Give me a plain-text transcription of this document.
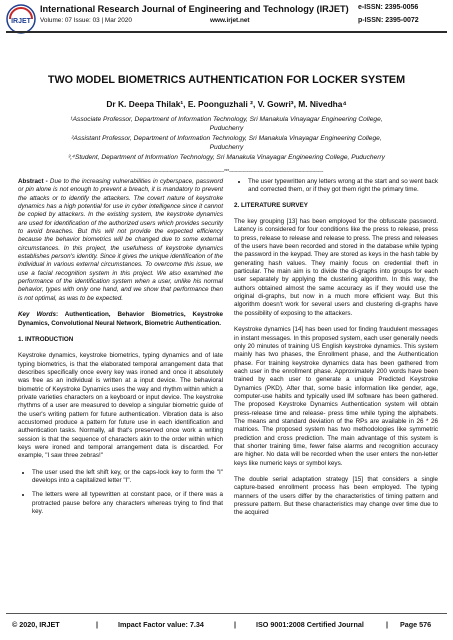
IRJET
International Research Journal of Engineering and Technology (IRJET)
Volume: 07 Issue: 03 | Mar 2020	www.irjet.net
e-ISSN: 2395-0056
p-ISSN: 2395-0072
TWO MODEL BIOMETRICS AUTHENTICATION FOR LOCKER SYSTEM
Dr K. Deepa Thilak¹, E. Poonguzhali ², V. Gowri³, M. Nivedha⁴
¹Associate Professor, Department of Information Technology, Sri Manakula Vinayagar Engineering College,
Puducherry
²Assistant Professor, Department of Information Technology, Sri Manakula Vinayagar Engineering College,
Puducherry
³,⁴Student, Department of Information Technology, Sri Manakula Vinayagar Engineering College, Puducherry
---------------------------------------------------------------------***---------------------------------------------------------------------

Abstract - Due to the increasing vulnerabilities in cyberspace, password or pin alone is not enough to prevent a breach, it is mandatory to prevent the attacks or to identify the attackers. The covert nature of keystroke dynamics has a high potential for use in cyber intelligence since it cannot be copied by attackers. In the existing system, the keystroke dynamics are used for identification of the authorized users which provides security to avoid breaches. But this will not provide the expected efficiency because the behavior biometrics will be changed due to some external circumstances. In this project, the usefulness of keystroke dynamics establishes person's identity. Since it gives the unique identification of the individual in various external circumstances. To overcome this issue, we use a facial recognition system in this project. We also examined the performance of the identification system when a user, unlike his normal behavior, types with only one hand, and we show that performance then is not optimal, as was to be expected.

Key Words: Authentication, Behavior Biometrics, Keystroke Dynamics, Convolutional Neural Network, Biometric Authentication.

1. INTRODUCTION

Keystroke dynamics, keystroke biometrics, typing dynamics and of late typing biometrics, is that the elaborated temporal arrangement data that describes specifically once every key was ironed and once it absolutely was free as an individual is written at a input device. The behavioral biometric of Keystroke Dynamics uses the way and rhythm within which a private varieties characters on a keyboard or input device. The keystroke rhythms of a user are measured to develop a singular biometric guide of the user's writing pattern for future authentication. Vibration data is also accustomed produce a pattern for future use in each identification and authentication tasks. Normally, all that's preserved once work a writing session is that the sequence of characters akin to the order within which keys were ironed and temporal arrangement data is discarded. For example, "I saw three zebras!"

• The user used the left shift key, or the caps-lock key to form the "I" develops into a capitalized letter "I".
• The letters were all typewritten at constant pace, or if there was a protracted pause before any characters whereas trying to find that key.
• The user typewritten any letters wrong at the start and so went back and corrected them, or if they got them right the primary time.
2. LITERATURE SURVEY

The key grouping [13] has been employed for the obfuscate password. Latency is considered for four conditions like the press to release, press to press, release to release and release to press. The press and releases of the users have been recorded and stored in the database while typing the password in the keypad. They are stored as keys in the hash table by generating hash values. They mainly focus on credential theft in particular. The main aim is to divide the di-graphs into groups for each user separately by applying the clustering algorithm. In this way, the authors obtained almost the same accuracy as if they would use the original di-graphs, but now in a much more efficient way. But this algorithm doesn't work for several users and clustering di-graphs have the possibility of exposing to the attackers.

Keystroke dynamics [14] has been used for finding fraudulent messages in instant messages. In this proposed system, each user generally needs only 20 minutes of training US English keystroke dynamics. This system mainly has two phases, the Enrollment phase, and the Authentication phase. For training keystroke dynamics data has been gathered from each user in the enrollment phase. Approximately 200 words have been trained by each user to generate a unique Predicted Keystroke Dynamics (PKD). After that, some basic information like gender, age, computer-use habits and typically used IM software has been gathered. The proposed Keystroke Dynamics Authentication system will obtain press-release time and release- press time while typing the alphabets. The means and standard deviation of the RPs are available in 26 * 26 matrices. The proposed system has two methodologies like symmetric prediction and cross prediction. The main advantage of this system is that shorter training time, fewer false alarms and recognition accuracy are higher. No data will be recorded when the user enters the non-letter keys like numeric keys or symbol keys.

The double serial adaptation strategy [15] that considers a single capture-based enrollment process has been employed. The typing manners of the users differ by the characteristics of timing pattern and pressure pattern. But these characteristics may change over time due to the acquired

© 2020, IRJET	|	Impact Factor value: 7.34	|	ISO 9001:2008 Certified Journal	| Page 576
